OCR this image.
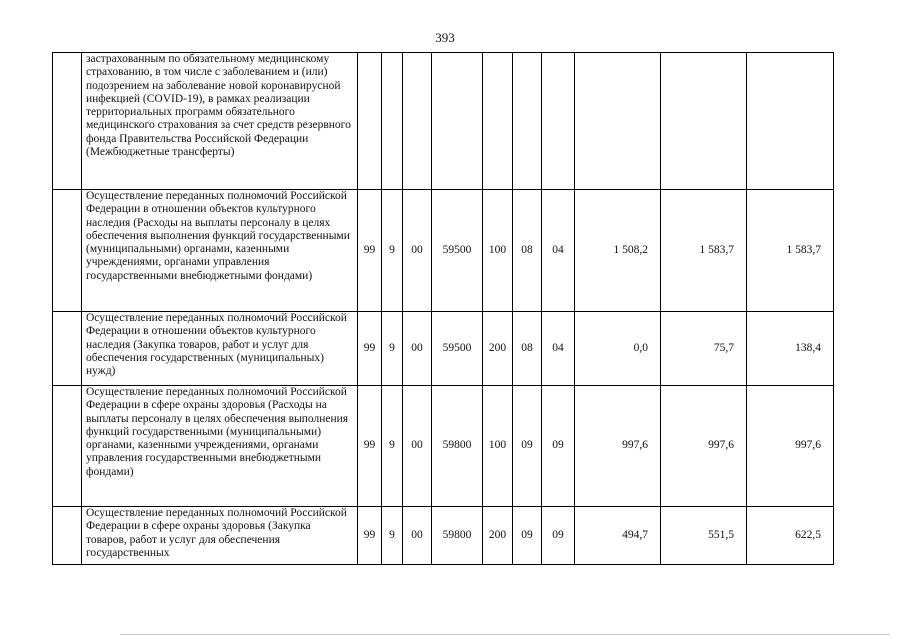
393
	застрахованным по обязательному медицинскому страхованию, в том числе с заболеванием и (или) подозрением на заболевание новой коронавирусной инфекцией (COVID-19), в рамках реализации территориальных программ обязательного медицинского страхования за счет средств резервного фонда Правительства Российской Федерации (Межбюджетные трансферты)										
	Осуществление переданных полномочий Российской Федерации в отношении объектов культурного наследия (Расходы на выплаты персоналу в целях обеспечения выполнения функций государственными (муниципальными) органами, казенными учреждениями, органами управления государственными внебюджетными фондами)	99	9	00	59500	100	08	04	1 508,2	1 583,7	1 583,7
	Осуществление переданных полномочий Российской Федерации в отношении объектов культурного наследия (Закупка товаров, работ и услуг для обеспечения государственных (муниципальных) нужд)	99	9	00	59500	200	08	04	0,0	75,7	138,4
	Осуществление переданных полномочий Российской Федерации в сфере охраны здоровья (Расходы на выплаты персоналу в целях обеспечения выполнения функций государственными (муниципальными) органами, казенными учреждениями, органами управления государственными внебюджетными фондами)	99	9	00	59800	100	09	09	997,6	997,6	997,6
	Осуществление переданных полномочий Российской Федерации в сфере охраны здоровья (Закупка товаров, работ и услуг для обеспечения государственных	99	9	00	59800	200	09	09	494,7	551,5	622,5
